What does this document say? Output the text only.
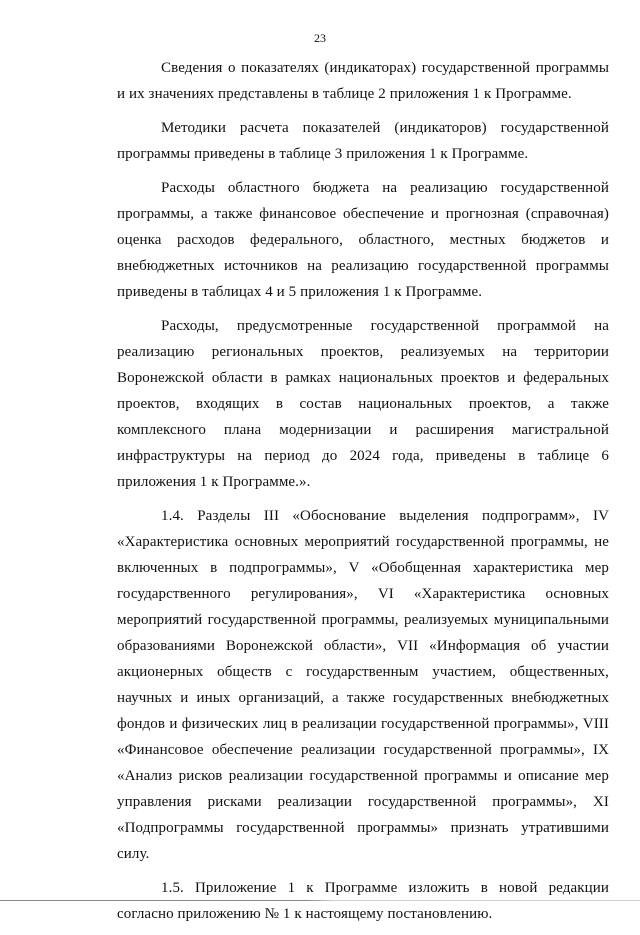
23

Сведения о показателях (индикаторах) государственной программы и их значениях представлены в таблице 2 приложения 1 к Программе.

Методики расчета показателей (индикаторов) государственной программы приведены в таблице 3 приложения 1 к Программе.

Расходы областного бюджета на реализацию государственной программы, а также финансовое обеспечение и прогнозная (справочная) оценка расходов федерального, областного, местных бюджетов и внебюджетных источников на реализацию государственной программы приведены в таблицах 4 и 5 приложения 1 к Программе.

Расходы, предусмотренные государственной программой на реализацию региональных проектов, реализуемых на территории Воронежской области в рамках национальных проектов и федеральных проектов, входящих в состав национальных проектов, а также комплексного плана модернизации и расширения магистральной инфраструктуры на период до 2024 года, приведены в таблице 6 приложения 1 к Программе.».

1.4. Разделы III «Обоснование выделения подпрограмм», IV «Характеристика основных мероприятий государственной программы, не включенных в подпрограммы», V «Обобщенная характеристика мер государственного регулирования», VI «Характеристика основных мероприятий государственной программы, реализуемых муниципальными образованиями Воронежской области», VII «Информация об участии акционерных обществ с государственным участием, общественных, научных и иных организаций, а также государственных внебюджетных фондов и физических лиц в реализации государственной программы», VIII «Финансовое обеспечение реализации государственной программы», IX «Анализ рисков реализации государственной программы и описание мер управления рисками реализации государственной программы», XI «Подпрограммы государственной программы» признать утратившими силу.

1.5. Приложение 1 к Программе изложить в новой редакции согласно приложению № 1 к настоящему постановлению.
